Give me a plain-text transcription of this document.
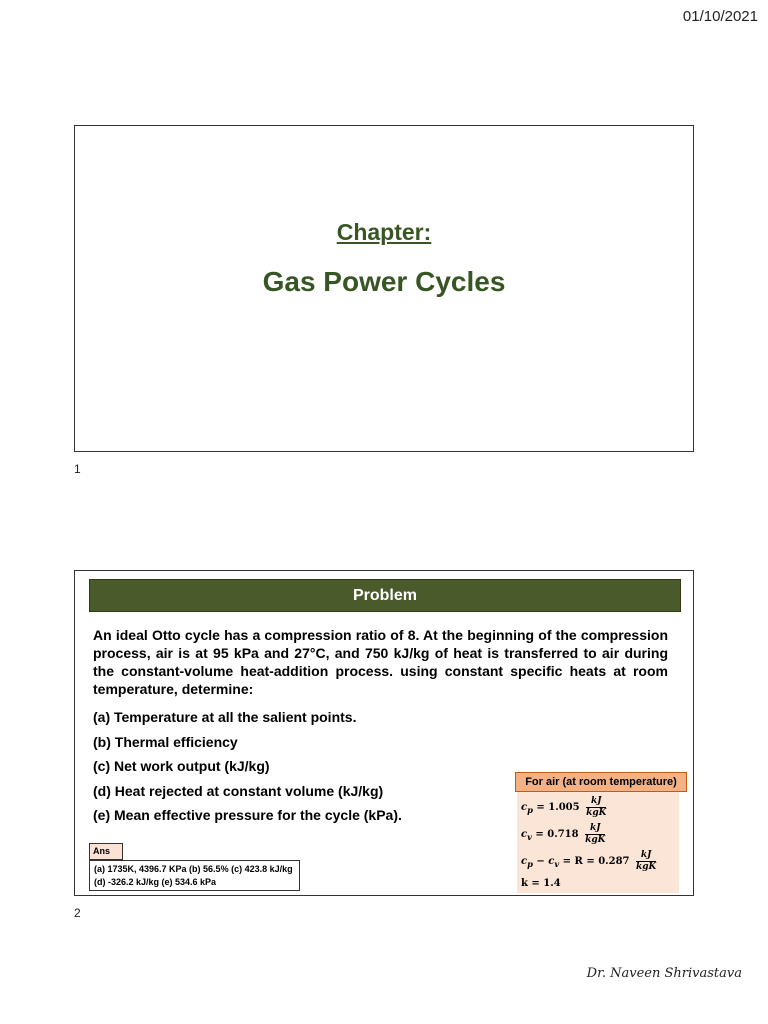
01/10/2021
Chapter:
Gas Power Cycles
1
Problem
An ideal Otto cycle has a compression ratio of 8. At the beginning of the compression process, air is at 95 kPa and 27°C, and 750 kJ/kg of heat is transferred to air during the constant-volume heat-addition process. using constant specific heats at room temperature, determine:
(a) Temperature at all the salient points.
(b) Thermal efficiency
(c) Net work output (kJ/kg)
(d) Heat rejected at constant volume (kJ/kg)
(e) Mean effective pressure for the cycle (kPa).
Ans
(a) 1735K, 4396.7 KPa (b) 56.5% (c) 423.8 kJ/kg (d) -326.2 kJ/kg (e) 534.6 kPa
For air (at room temperature)
$c_p = 1.005 \frac{kJ}{\text{kgK}}$
$c_v = 0.718 \frac{kJ}{\text{kgK}}$
$c_p - c_v = R = 0.287 \frac{kJ}{\text{kgK}}$
k = 1.4
2
Dr. Naveen Shrivastava
